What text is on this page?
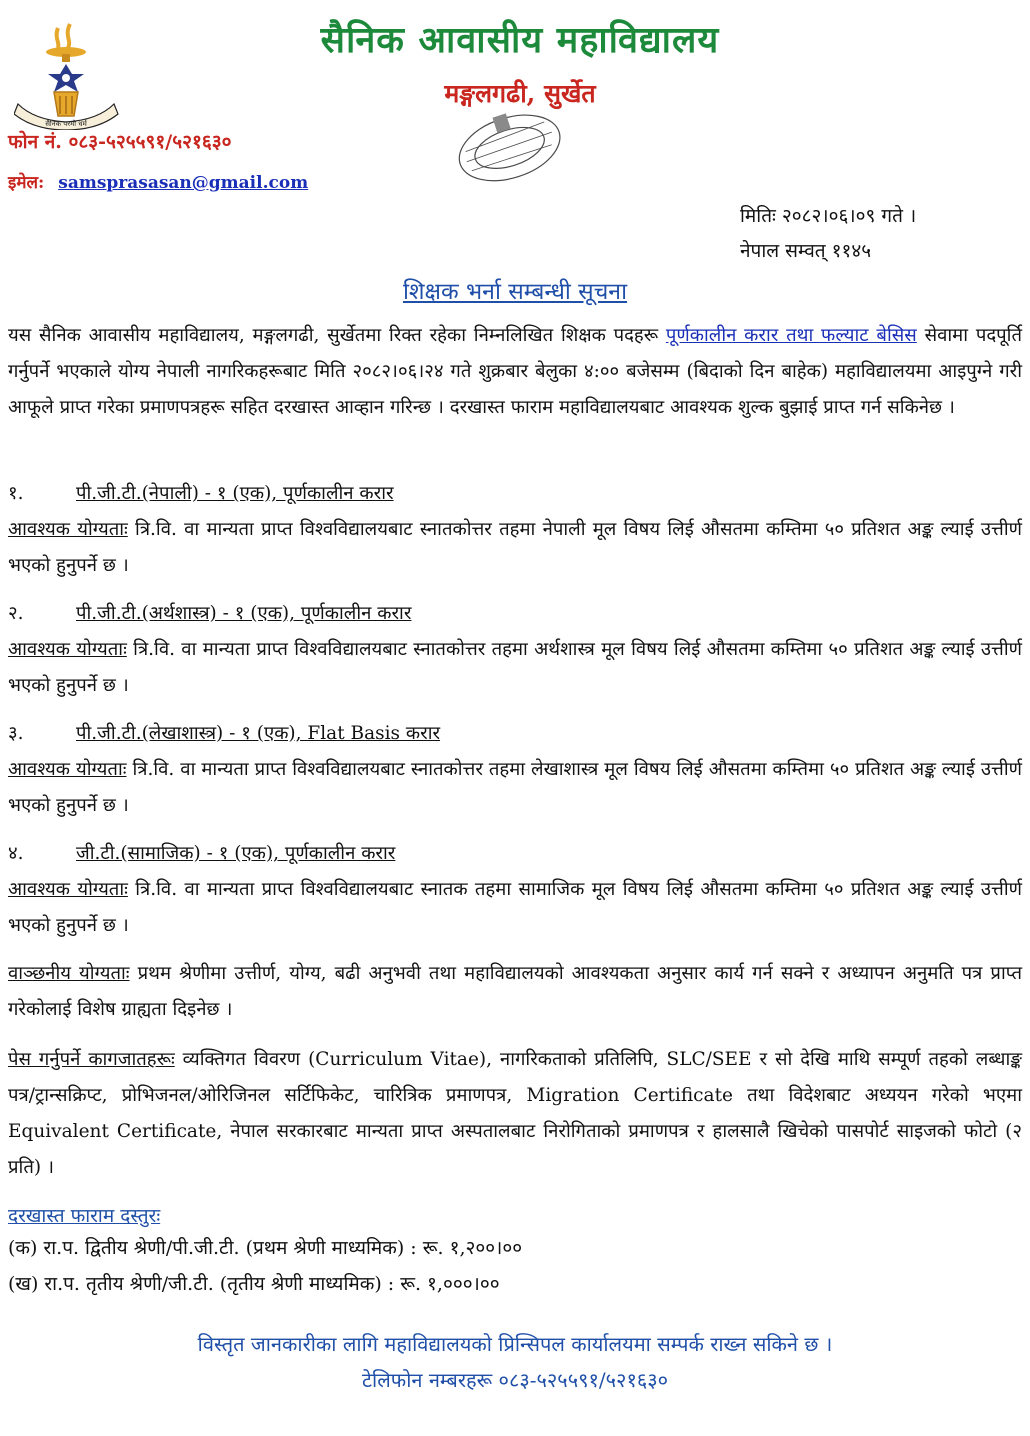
सैनिक परमो धर्म
सैनिक आवासीय महाविद्यालय
मङ्गलगढी, सुर्खेत
फोन नं. ०८३-५२५५९१/५२१६३०
इमेल: samsprasasan@gmail.com
मितिः २०८२।०६।०९ गते ।
नेपाल सम्वत् ११४५
शिक्षक भर्ना सम्बन्धी सूचना
यस सैनिक आवासीय महाविद्यालय, मङ्गलगढी, सुर्खेतमा रिक्त रहेका निम्नलिखित शिक्षक पदहरू पूर्णकालीन करार तथा फल्याट बेसिस सेवामा पदपूर्ति गर्नुपर्ने भएकाले योग्य नेपाली नागरिकहरूबाट मिति २०८२।०६।२४ गते शुक्रबार बेलुका ४:०० बजेसम्म (बिदाको दिन बाहेक) महाविद्यालयमा आइपुग्ने गरी आफूले प्राप्त गरेका प्रमाणपत्रहरू सहित दरखास्त आव्हान गरिन्छ । दरखास्त फाराम महाविद्यालयबाट आवश्यक शुल्क बुझाई प्राप्त गर्न सकिनेछ ।
१.	पी.जी.टी.(नेपाली) - १ (एक), पूर्णकालीन करार
आवश्यक योग्यताः त्रि.वि. वा मान्यता प्राप्त विश्वविद्यालयबाट स्नातकोत्तर तहमा नेपाली मूल विषय लिई औसतमा कम्तिमा ५० प्रतिशत अङ्क ल्याई उत्तीर्ण भएको हुनुपर्ने छ ।
२.	पी.जी.टी.(अर्थशास्त्र) - १ (एक), पूर्णकालीन करार
आवश्यक योग्यताः त्रि.वि. वा मान्यता प्राप्त विश्वविद्यालयबाट स्नातकोत्तर तहमा अर्थशास्त्र मूल विषय लिई औसतमा कम्तिमा ५० प्रतिशत अङ्क ल्याई उत्तीर्ण भएको हुनुपर्ने छ ।
३.	पी.जी.टी.(लेखाशास्त्र) - १ (एक), Flat Basis करार
आवश्यक योग्यताः त्रि.वि. वा मान्यता प्राप्त विश्वविद्यालयबाट स्नातकोत्तर तहमा लेखाशास्त्र मूल विषय लिई औसतमा कम्तिमा ५० प्रतिशत अङ्क ल्याई उत्तीर्ण भएको हुनुपर्ने छ ।
४.	जी.टी.(सामाजिक) - १ (एक), पूर्णकालीन करार
आवश्यक योग्यताः त्रि.वि. वा मान्यता प्राप्त विश्वविद्यालयबाट स्नातक तहमा सामाजिक मूल विषय लिई औसतमा कम्तिमा ५० प्रतिशत अङ्क ल्याई उत्तीर्ण भएको हुनुपर्ने छ ।
वाञ्छनीय योग्यताः प्रथम श्रेणीमा उत्तीर्ण, योग्य, बढी अनुभवी तथा महाविद्यालयको आवश्यकता अनुसार कार्य गर्न सक्ने र अध्यापन अनुमति पत्र प्राप्त गरेकोलाई विशेष ग्राह्यता दिइनेछ ।
पेस गर्नुपर्ने कागजातहरूः व्यक्तिगत विवरण (Curriculum Vitae), नागरिकताको प्रतिलिपि, SLC/SEE र सो देखि माथि सम्पूर्ण तहको लब्धाङ्क पत्र/ट्रान्सक्रिप्ट, प्रोभिजनल/ओरिजिनल सर्टिफिकेट, चारित्रिक प्रमाणपत्र, Migration Certificate तथा विदेशबाट अध्ययन गरेको भएमा Equivalent Certificate, नेपाल सरकारबाट मान्यता प्राप्त अस्पतालबाट निरोगिताको प्रमाणपत्र र हालसालै खिचेको पासपोर्ट साइजको फोटो (२ प्रति) ।
दरखास्त फाराम दस्तुरः
(क) रा.प. द्वितीय श्रेणी/पी.जी.टी. (प्रथम श्रेणी माध्यमिक) : रू. १,२००।००
(ख) रा.प. तृतीय श्रेणी/जी.टी. (तृतीय श्रेणी माध्यमिक) : रू. १,०००।००
विस्तृत जानकारीका लागि महाविद्यालयको प्रिन्सिपल कार्यालयमा सम्पर्क राख्न सकिने छ ।
टेलिफोन नम्बरहरू ०८३-५२५५९१/५२१६३०
